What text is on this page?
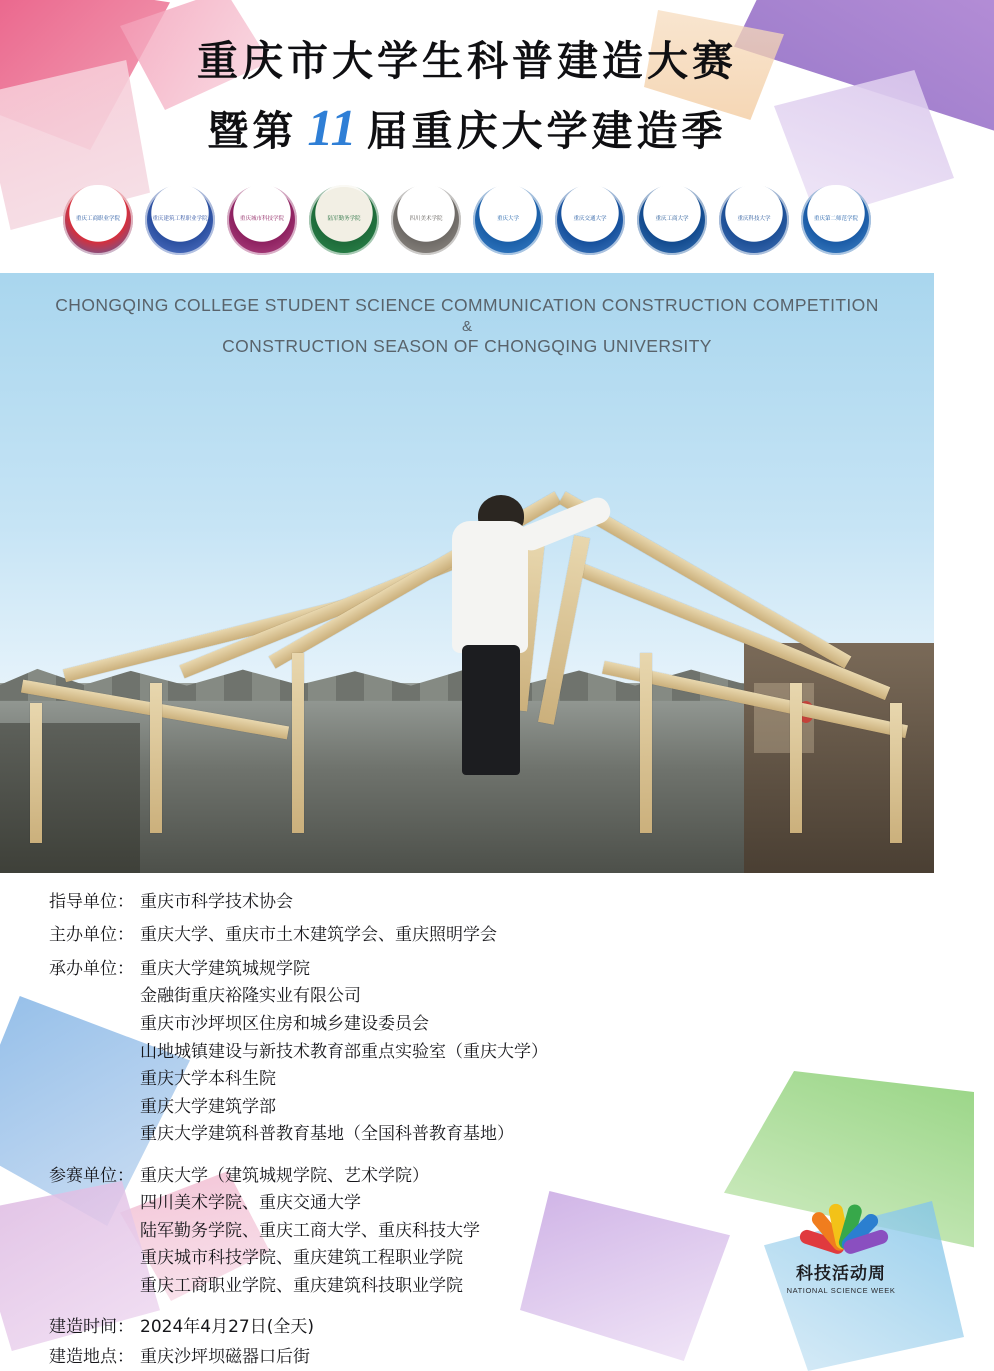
重庆市大学生科普建造大赛
暨第 11 届重庆大学建造季
重庆工商职业学院	重庆建筑工程职业学院	重庆城市科技学院	陆军勤务学院	四川美术学院	重庆大学	重庆交通大学	重庆工商大学	重庆科技大学	重庆第二师范学院
CHONGQING COLLEGE STUDENT SCIENCE COMMUNICATION CONSTRUCTION COMPETITION
&
CONSTRUCTION SEASON OF CHONGQING UNIVERSITY
指导单位： 重庆市科学技术协会
主办单位： 重庆大学、重庆市土木建筑学会、重庆照明学会
承办单位： 重庆大学建筑城规学院
金融街重庆裕隆实业有限公司
重庆市沙坪坝区住房和城乡建设委员会
山地城镇建设与新技术教育部重点实验室（重庆大学）
重庆大学本科生院
重庆大学建筑学部
重庆大学建筑科普教育基地（全国科普教育基地）
参赛单位： 重庆大学（建筑城规学院、艺术学院）
四川美术学院、重庆交通大学
陆军勤务学院、重庆工商大学、重庆科技大学
重庆城市科技学院、重庆建筑工程职业学院
重庆工商职业学院、重庆建筑科技职业学院
建造时间： 2024年4月27日(全天)
建造地点： 重庆沙坪坝磁器口后街
科技活动周
NATIONAL SCIENCE WEEK
